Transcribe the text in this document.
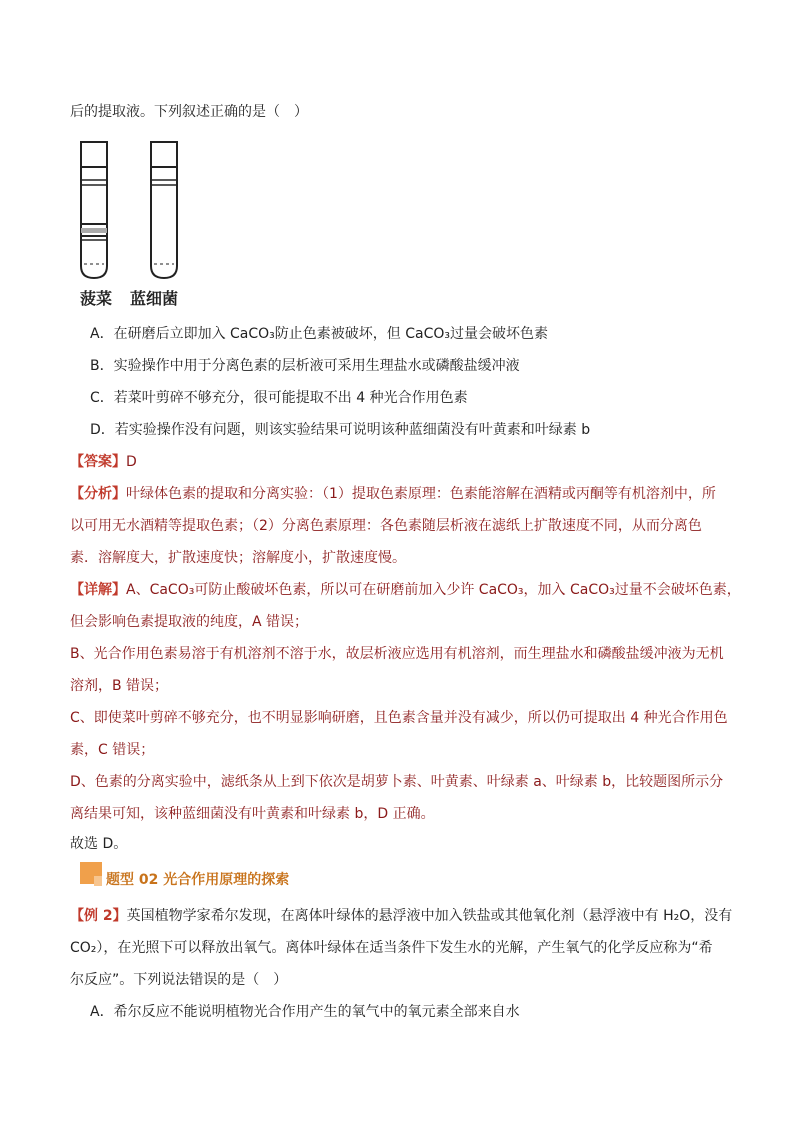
后的提取液。下列叙述正确的是（　）
菠菜 蓝细菌
A．在研磨后立即加入 CaCO₃防止色素被破坏，但 CaCO₃过量会破坏色素
B．实验操作中用于分离色素的层析液可采用生理盐水或磷酸盐缓冲液
C．若菜叶剪碎不够充分，很可能提取不出 4 种光合作用色素
D．若实验操作没有问题，则该实验结果可说明该种蓝细菌没有叶黄素和叶绿素 b
【答案】D
【分析】叶绿体色素的提取和分离实验：（1）提取色素原理：色素能溶解在酒精或丙酮等有机溶剂中，所
以可用无水酒精等提取色素；（2）分离色素原理：各色素随层析液在滤纸上扩散速度不同，从而分离色
素．溶解度大，扩散速度快；溶解度小，扩散速度慢。
【详解】A、CaCO₃可防止酸破坏色素，所以可在研磨前加入少许 CaCO₃，加入 CaCO₃过量不会破坏色素，
但会影响色素提取液的纯度，A 错误；
B、光合作用色素易溶于有机溶剂不溶于水，故层析液应选用有机溶剂，而生理盐水和磷酸盐缓冲液为无机
溶剂，B 错误；
C、即使菜叶剪碎不够充分，也不明显影响研磨，且色素含量并没有减少，所以仍可提取出 4 种光合作用色
素，C 错误；
D、色素的分离实验中，滤纸条从上到下依次是胡萝卜素、叶黄素、叶绿素 a、叶绿素 b，比较题图所示分
离结果可知，该种蓝细菌没有叶黄素和叶绿素 b，D 正确。
故选 D。
题型 02 光合作用原理的探索
【例 2】英国植物学家希尔发现，在离体叶绿体的悬浮液中加入铁盐或其他氧化剂（悬浮液中有 H₂O，没有
CO₂），在光照下可以释放出氧气。离体叶绿体在适当条件下发生水的光解，产生氧气的化学反应称为“希
尔反应”。下列说法错误的是（　）
A．希尔反应不能说明植物光合作用产生的氧气中的氧元素全部来自水
